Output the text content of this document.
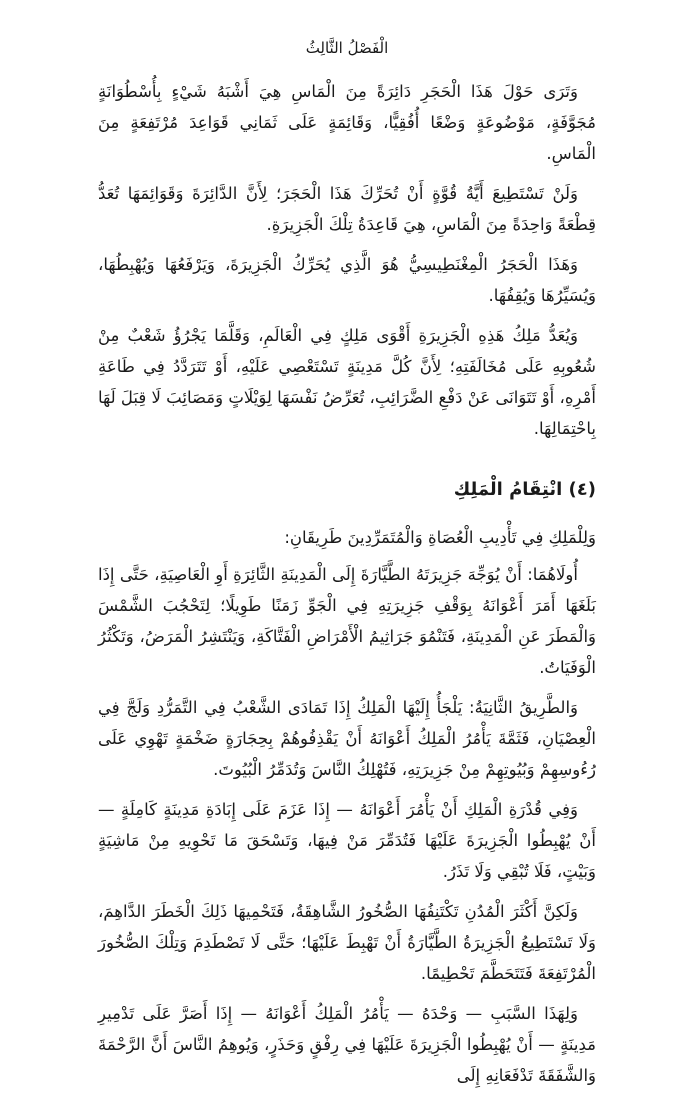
الْفَصْلُ الثَّالِثُ

وَتَرَى حَوْلَ هَذَا الْحَجَرِ دَائِرَةً مِنَ الْمَاسِ هِيَ أَشْبَهُ شَيْءٍ بِأُسْطُوَانَةٍ مُجَوَّفَةٍ، مَوْضُوعَةٍ وَضْعًا أُفُقِيًّا، وَقَائِمَةٍ عَلَى ثَمَانِي قَوَاعِدَ مُرْتَفِعَةٍ مِنَ الْمَاسِ.

وَلَنْ تَسْتَطِيعَ أَيَّةُ قُوَّةٍ أَنْ تُحَرِّكَ هَذَا الْحَجَرَ؛ لِأَنَّ الدَّائِرَةَ وَقَوَائِمَهَا تُعَدُّ قِطْعَةً وَاحِدَةً مِنَ الْمَاسِ، هِيَ قَاعِدَةُ تِلْكَ الْجَزِيرَةِ.

وَهَذَا الْحَجَرُ الْمِغْنَطِيسِيُّ هُوَ الَّذِي يُحَرِّكُ الْجَزِيرَةَ، وَيَرْفَعُهَا وَيُهْبِطُهَا، وَيُسَيِّرُهَا وَيُقِفُهَا.

وَيُعَدُّ مَلِكُ هَذِهِ الْجَزِيرَةِ أَقْوَى مَلِكٍ فِي الْعَالَمِ، وَقَلَّمَا يَجْرُؤُ شَعْبٌ مِنْ شُعُوبِهِ عَلَى مُخَالَفَتِهِ؛ لِأَنَّ كُلَّ مَدِينَةٍ تَسْتَعْصِي عَلَيْهِ، أَوْ تَتَرَدَّدُ فِي طَاعَةِ أَمْرِهِ، أَوْ تَتَوَانَى عَنْ دَفْعِ الضَّرَائِبِ، تُعَرِّضُ نَفْسَهَا لِوَيْلَاتٍ وَمَصَائِبَ لَا قِبَلَ لَهَا بِاحْتِمَالِهَا.

(٤) انْتِقَامُ الْمَلِكِ

وَلِلْمَلِكِ فِي تَأْدِيبِ الْعُصَاةِ وَالْمُتَمَرِّدِينَ طَرِيقَانِ:

أُولَاهُمَا: أَنْ يُوَجِّهَ جَزِيرَتَهُ الطَّيَّارَةَ إِلَى الْمَدِينَةِ الثَّائِرَةِ أَوِ الْعَاصِيَةِ، حَتَّى إِذَا بَلَغَهَا أَمَرَ أَعْوَانَهُ بِوَقْفِ جَزِيرَتِهِ فِي الْجَوِّ زَمَنًا طَوِيلًا؛ لِتَحْجُبَ الشَّمْسَ وَالْمَطَرَ عَنِ الْمَدِينَةِ، فَتَنْمُوَ جَرَاثِيمُ الْأَمْرَاضِ الْفَتَّاكَةِ، وَيَنْتَشِرُ الْمَرَضُ، وَتَكْثُرُ الْوَفَيَاتُ.

وَالطَّرِيقُ الثَّانِيَةُ: يَلْجَأُ إِلَيْهَا الْمَلِكُ إِذَا تَمَادَى الشَّعْبُ فِي التَّمَرُّدِ وَلَجَّ فِي الْعِصْيَانِ، فَثَمَّةَ يَأْمُرُ الْمَلِكُ أَعْوَانَهُ أَنْ يَقْذِفُوهُمْ بِحِجَارَةٍ ضَخْمَةٍ تَهْوِي عَلَى رُءُوسِهِمْ وَبُيُوتِهِمْ مِنْ جَزِيرَتِهِ، فَتُهْلِكُ النَّاسَ وَتُدَمِّرُ الْبُيُوتَ.

وَفِي قُدْرَةِ الْمَلِكِ أَنْ يَأْمُرَ أَعْوَانَهُ — إِذَا عَزَمَ عَلَى إِبَادَةِ مَدِينَةٍ كَامِلَةٍ — أَنْ يُهْبِطُوا الْجَزِيرَةَ عَلَيْهَا فَتُدَمِّرَ مَنْ فِيهَا، وَتَسْحَقَ مَا تَحْوِيهِ مِنْ مَاشِيَةٍ وَبَيْتٍ، فَلَا تُبْقِي وَلَا تَذَرُ.

وَلَكِنَّ أَكْثَرَ الْمُدُنِ تَكْتَنِفُهَا الصُّخُورُ الشَّاهِقَةُ، فَتَحْمِيهَا ذَلِكَ الْخَطَرَ الدَّاهِمَ، وَلَا تَسْتَطِيعُ الْجَزِيرَةُ الطَّيَّارَةُ أَنْ تَهْبِطَ عَلَيْهَا؛ حَتَّى لَا تَصْطَدِمَ وَتِلْكَ الصُّخُورَ الْمُرْتَفِعَةَ فَتَتَحَطَّمَ تَحْطِيمًا.

وَلِهَذَا السَّبَبِ — وَحْدَهُ — يَأْمُرُ الْمَلِكُ أَعْوَانَهُ — إِذَا أَصَرَّ عَلَى تَدْمِيرِ مَدِينَةٍ — أَنْ يُهْبِطُوا الْجَزِيرَةَ عَلَيْهَا فِي رِفْقٍ وَحَذَرٍ، وَيُوهِمُ النَّاسَ أَنَّ الرَّحْمَةَ وَالشَّفَقَةَ تَدْفَعَانِهِ إِلَى
